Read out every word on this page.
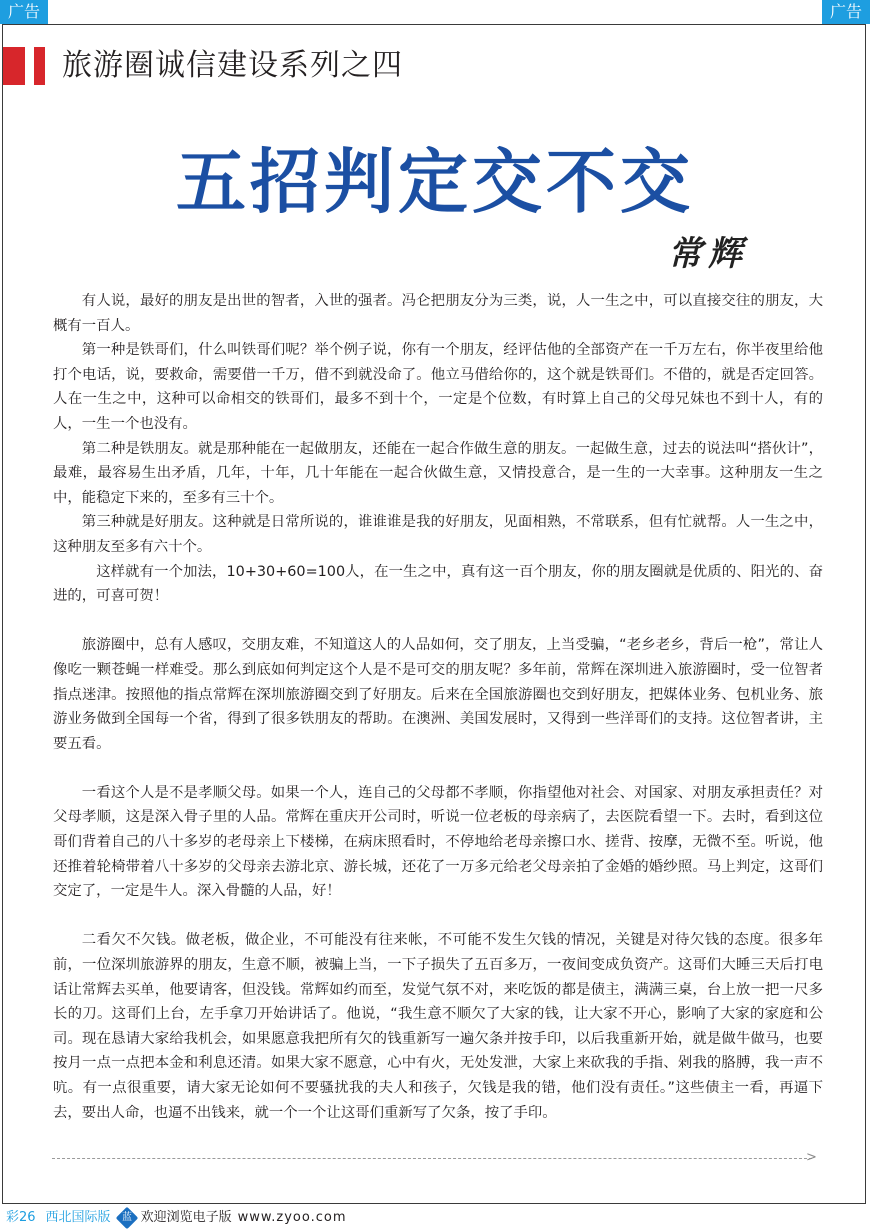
广告	广告
旅游圈诚信建设系列之四
五招判定交不交
常辉

有人说，最好的朋友是出世的智者，入世的强者。冯仑把朋友分为三类，说，人一生之中，可以直接交往的朋友，大概有一百人。

第一种是铁哥们，什么叫铁哥们呢？举个例子说，你有一个朋友，经评估他的全部资产在一千万左右，你半夜里给他打个电话，说，要救命，需要借一千万，借不到就没命了。他立马借给你的，这个就是铁哥们。不借的，就是否定回答。人在一生之中，这种可以命相交的铁哥们，最多不到十个，一定是个位数，有时算上自己的父母兄妹也不到十人，有的人，一生一个也没有。

第二种是铁朋友。就是那种能在一起做朋友，还能在一起合作做生意的朋友。一起做生意，过去的说法叫“搭伙计”，最难，最容易生出矛盾，几年，十年，几十年能在一起合伙做生意，又情投意合，是一生的一大幸事。这种朋友一生之中，能稳定下来的，至多有三十个。

第三种就是好朋友。这种就是日常所说的，谁谁谁是我的好朋友，见面相熟，不常联系，但有忙就帮。人一生之中，这种朋友至多有六十个。

这样就有一个加法，10+30+60=100人，在一生之中，真有这一百个朋友，你的朋友圈就是优质的、阳光的、奋进的，可喜可贺！

旅游圈中，总有人感叹，交朋友难，不知道这人的人品如何，交了朋友，上当受骗，“老乡老乡，背后一枪”，常让人像吃一颗苍蝇一样难受。那么到底如何判定这个人是不是可交的朋友呢？多年前，常辉在深圳进入旅游圈时，受一位智者指点迷津。按照他的指点常辉在深圳旅游圈交到了好朋友。后来在全国旅游圈也交到好朋友，把媒体业务、包机业务、旅游业务做到全国每一个省，得到了很多铁朋友的帮助。在澳洲、美国发展时，又得到一些洋哥们的支持。这位智者讲，主要五看。

一看这个人是不是孝顺父母。如果一个人，连自己的父母都不孝顺，你指望他对社会、对国家、对朋友承担责任？对父母孝顺，这是深入骨子里的人品。常辉在重庆开公司时，听说一位老板的母亲病了，去医院看望一下。去时，看到这位哥们背着自己的八十多岁的老母亲上下楼梯，在病床照看时，不停地给老母亲擦口水、搓背、按摩，无微不至。听说，他还推着轮椅带着八十多岁的父母亲去游北京、游长城，还花了一万多元给老父母亲拍了金婚的婚纱照。马上判定，这哥们交定了，一定是牛人。深入骨髓的人品，好！

二看欠不欠钱。做老板，做企业，不可能没有往来帐，不可能不发生欠钱的情况，关键是对待欠钱的态度。很多年前，一位深圳旅游界的朋友，生意不顺，被骗上当，一下子损失了五百多万，一夜间变成负资产。这哥们大睡三天后打电话让常辉去买单，他要请客，但没钱。常辉如约而至，发觉气氛不对，来吃饭的都是债主，满满三桌，台上放一把一尺多长的刀。这哥们上台，左手拿刀开始讲话了。他说，“我生意不顺欠了大家的钱，让大家不开心，影响了大家的家庭和公司。现在恳请大家给我机会，如果愿意我把所有欠的钱重新写一遍欠条并按手印，以后我重新开始，就是做牛做马，也要按月一点一点把本金和利息还清。如果大家不愿意，心中有火，无处发泄，大家上来砍我的手指、剁我的胳膊，我一声不吭。有一点很重要，请大家无论如何不要骚扰我的夫人和孩子，欠钱是我的错，他们没有责任。”这些债主一看，再逼下去，要出人命，也逼不出钱来，就一个一个让这哥们重新写了欠条，按了手印。

>
彩26 西北国际版 蓝 欢迎浏览电子版 www.zyoo.com
